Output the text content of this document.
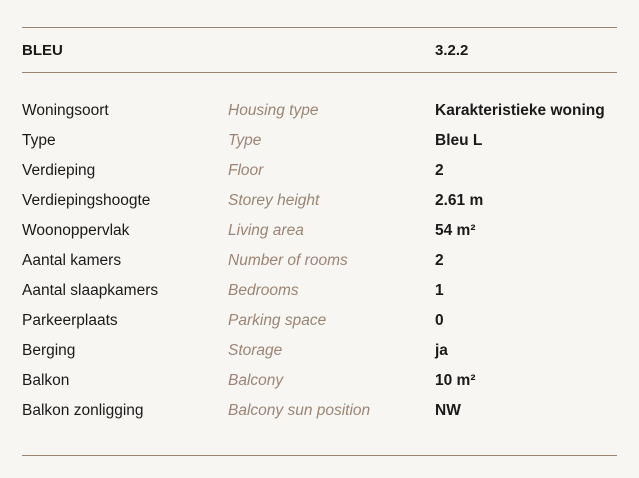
BLEU	3.2.2
Woningsoort	Housing type	Karakteristieke woning
Type	Type	Bleu L
Verdieping	Floor	2
Verdiepingshoogte	Storey height	2.61 m
Woonoppervlak	Living area	54 m²
Aantal kamers	Number of rooms	2
Aantal slaapkamers	Bedrooms	1
Parkeerplaats	Parking space	0
Berging	Storage	ja
Balkon	Balcony	10 m²
Balkon zonligging	Balcony sun position	NW
